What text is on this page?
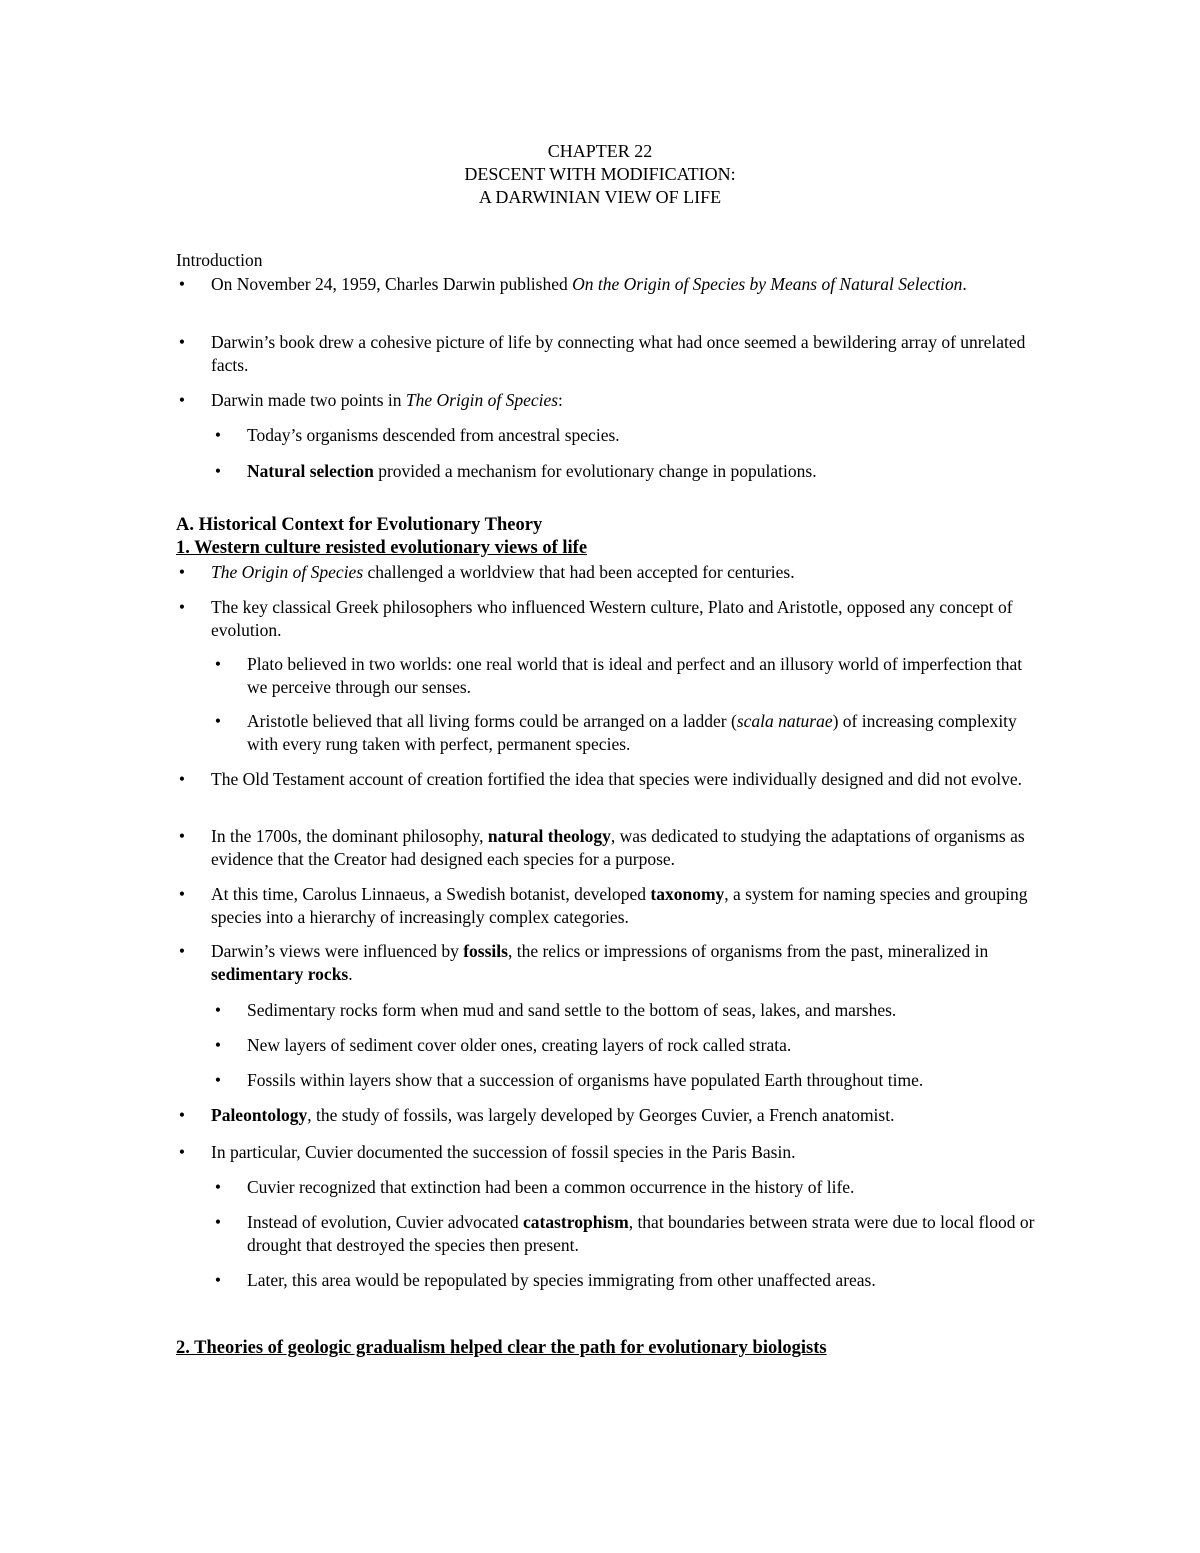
CHAPTER 22
DESCENT WITH MODIFICATION:
A DARWINIAN VIEW OF LIFE
Introduction
• On November 24, 1959, Charles Darwin published On the Origin of Species by Means of Natural Selection.
• Darwin’s book drew a cohesive picture of life by connecting what had once seemed a bewildering array of unrelated facts.
• Darwin made two points in The Origin of Species:
• Today’s organisms descended from ancestral species.
• Natural selection provided a mechanism for evolutionary change in populations.
A. Historical Context for Evolutionary Theory
1. Western culture resisted evolutionary views of life
• The Origin of Species challenged a worldview that had been accepted for centuries.
• The key classical Greek philosophers who influenced Western culture, Plato and Aristotle, opposed any concept of evolution.
• Plato believed in two worlds: one real world that is ideal and perfect and an illusory world of imperfection that we perceive through our senses.
• Aristotle believed that all living forms could be arranged on a ladder (scala naturae) of increasing complexity with every rung taken with perfect, permanent species.
• The Old Testament account of creation fortified the idea that species were individually designed and did not evolve.
• In the 1700s, the dominant philosophy, natural theology, was dedicated to studying the adaptations of organisms as evidence that the Creator had designed each species for a purpose.
• At this time, Carolus Linnaeus, a Swedish botanist, developed taxonomy, a system for naming species and grouping species into a hierarchy of increasingly complex categories.
• Darwin’s views were influenced by fossils, the relics or impressions of organisms from the past, mineralized in sedimentary rocks.
• Sedimentary rocks form when mud and sand settle to the bottom of seas, lakes, and marshes.
• New layers of sediment cover older ones, creating layers of rock called strata.
• Fossils within layers show that a succession of organisms have populated Earth throughout time.
• Paleontology, the study of fossils, was largely developed by Georges Cuvier, a French anatomist.
• In particular, Cuvier documented the succession of fossil species in the Paris Basin.
• Cuvier recognized that extinction had been a common occurrence in the history of life.
• Instead of evolution, Cuvier advocated catastrophism, that boundaries between strata were due to local flood or drought that destroyed the species then present.
• Later, this area would be repopulated by species immigrating from other unaffected areas.
2. Theories of geologic gradualism helped clear the path for evolutionary biologists
